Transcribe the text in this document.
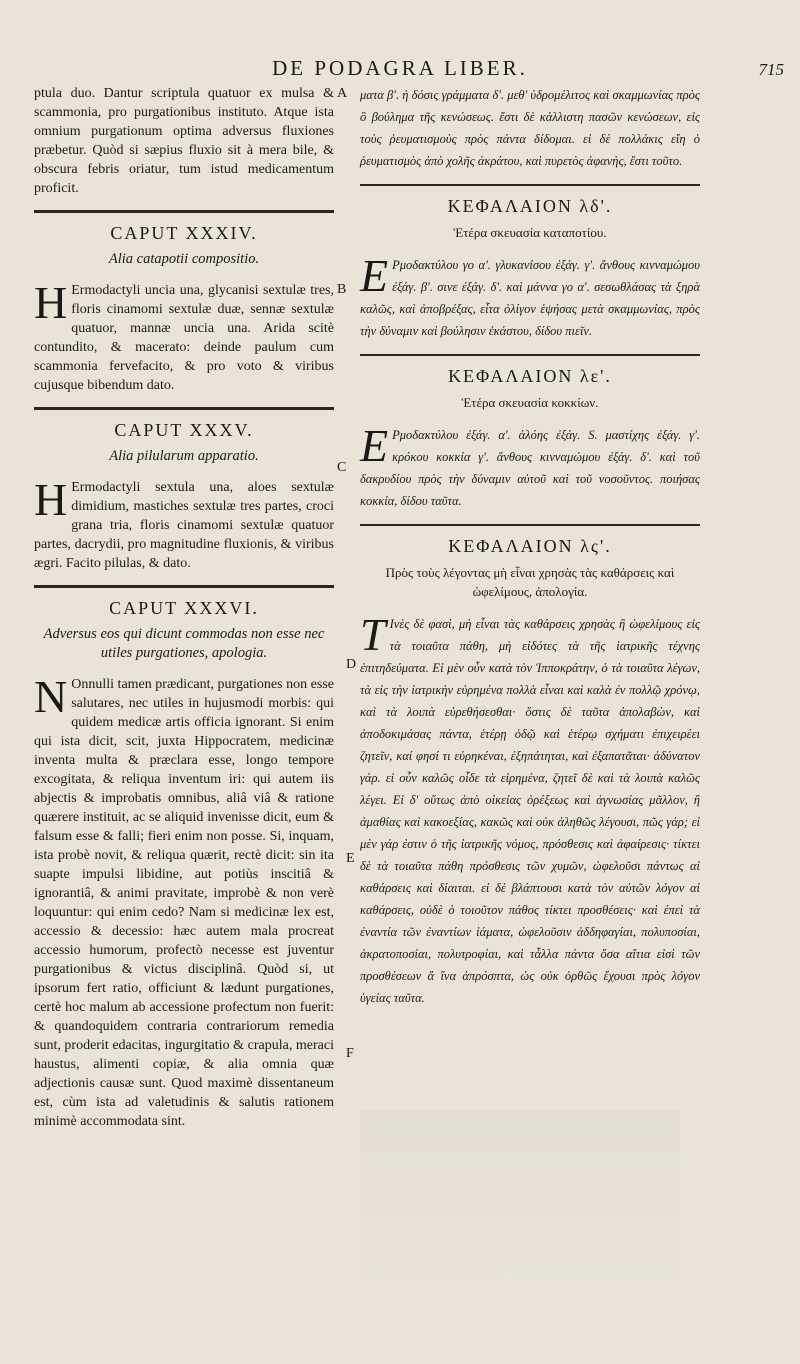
DE PODAGRA LIBER.	715

ptula duo. Dantur scriptula quatuor ex mulsa & scammonia, pro purgationibus instituto. Atque ista omnium purgationum optima adversus fluxiones præbetur. Quòd si sæpius fluxio sit à mera bile, & obscura febris oriatur, tum istud medicamentum proficit.

CAPUT XXXIV.
Alia catapotii compositio.

H Ermodactyli uncia una, glycanisi sextulæ tres, floris cinamomi sextulæ duæ, sennæ sextulæ quatuor, mannæ uncia una. Arida scitè contundito, & macerato: deinde paulum cum scammonia fervefacito, & pro voto & viribus cujusque bibendum dato.

CAPUT XXXV.
Alia pilularum apparatio.

H Ermodactyli sextula una, aloes sextulæ dimidium, mastiches sextulæ tres partes, croci grana tria, floris cinamomi sextulæ quatuor partes, dacrydii, pro magnitudine fluxionis, & viribus ægri. Facito pilulas, & dato.

CAPUT XXXVI.
Adversus eos qui dicunt commodas non esse nec utiles purgationes, apologia.

N Onnulli tamen prædicant, purgationes non esse salutares, nec utiles in hujusmodi morbis: qui quidem medicæ artis officia ignorant. Si enim qui ista dicit, scit, juxta Hippocratem, medicinæ inventa multa & præclara esse, longo tempore excogitata, & reliqua inventum iri: qui autem iis abjectis & improbatis omnibus, aliâ viâ & ratione quærere instituit, ac se aliquid invenisse dicit, eum & falsum esse & falli; fieri enim non posse. Si, inquam, ista probè novit, & reliqua quærit, rectè dicit: sin ita suapte impulsi libidine, aut potiùs inscitiâ & ignorantiâ, & animi pravitate, improbè & non verè loquuntur: qui enim cedo? Nam si medicinæ lex est, accessio & decessio: hæc autem mala procreat accessio humorum, profectò necesse est juventur purgationibus & victus disciplinâ. Quòd si, ut ipsorum fert ratio, officiunt & lædunt purgationes, certè hoc malum ab accessione profectum non fuerit: & quandoquidem contraria contrariorum remedia sunt, proderit edacitas, ingurgitatio & crapula, meraci haustus, alimenti copiæ, & alia omnia quæ adjectionis causæ sunt. Quod maximè dissentaneum est, cùm ista ad valetudinis & salutis rationem minimè accommodata sint.

A
B
C
D
E
F

ματα β'. ἡ δόσις γράμματα δ'. μεθ' ὑδρομέλιτος καὶ σκαμμωνίας πρὸς ὃ βούλημα τῆς κενώσεως. ἔστι δὲ κάλλιστη πασῶν κενώσεων, εἰς τοὺς ῥευματισμοὺς πρὸς πάντα δίδομαι. εἰ δὲ πολλάκις εἴη ὁ ῥευματισμὸς ἀπὸ χολῆς ἀκράτου, καὶ πυρετὸς ἀφανὴς, ἔστι τοῦτο.

ΚΕΦΑΛΑΙΟΝ λδ'.
Ἑτέρα σκευασία καταποτίου.

Ε Ρμοδακτύλου γο α'. γλυκανίσου ἐξάγ. γ'. ἄνθους κινναμώμου ἐξάγ. β'. σινε ἐξάγ. δ'. καὶ μάννα γο α'. σεσωθλάσας τὰ ξηρὰ καλῶς, καὶ ἀποβρέξας, εἶτα ὀλίγον ἑψήσας μετὰ σκαμμωνίας, πρὸς τὴν δύναμιν καὶ βούλησιν ἑκάστου, δίδου πιεῖν.

ΚΕΦΑΛΑΙΟΝ λε'.
Ἑτέρα σκευασία κοκκίων.

Ε Ρμοδακτύλου ἐξάγ. α'. ἀλόης ἐξάγ. S. μαστίχης ἐξάγ. γ'. κρόκου κοκκία γ'. ἄνθους κινναμώμου ἐξάγ. δ'. καὶ τοῦ δακρυδίου πρὸς τὴν δύναμιν αὐτοῦ καὶ τοῦ νοσοῦντος. ποιήσας κοκκία, δίδου ταῦτα.

ΚΕΦΑΛΑΙΟΝ λς'.
Πρὸς τοὺς λέγοντας μὴ εἶναι χρησὰς τὰς καθάρσεις καὶ ὠφελίμους, ἀπολογία.

Τ Ινὲς δὲ φασὶ, μὴ εἶναι τὰς καθάρσεις χρησὰς ἢ ὠφελίμους εἰς τὰ τοιαῦτα πάθη, μὴ εἰδότες τὰ τῆς ἰατρικῆς τέχνης ἐπιτηδεύματα. Εἰ μὲν οὖν κατὰ τὸν Ἱπποκράτην, ὁ τὰ τοιαῦτα λέγων, τὰ εἰς τὴν ἰατρικὴν εὑρημένα πολλὰ εἶναι καὶ καλὰ ἐν πολλῷ χρόνῳ, καὶ τὰ λοιπὰ εὑρεθήσεσθαι· ὅστις δὲ ταῦτα ἀπολαβὼν, καὶ ἀποδοκιμάσας πάντα, ἑτέρῃ ὁδῷ καὶ ἑτέρῳ σχήματι ἐπιχειρέει ζητεῖν, καί φησί τι εὑρηκέναι, ἐξηπάτηται, καὶ ἐξαπατᾶται· ἀδύνατον γάρ. εἰ οὖν καλῶς οἶδε τὰ εἰρημένα, ζητεῖ δὲ καὶ τὰ λοιπὰ καλῶς λέγει. Εἰ δ' οὕτως ἀπὸ οἰκείας ὀρέξεως καὶ ἀγνωσίας μᾶλλον, ἢ ἀμαθίας καὶ κακοεξίας, κακῶς καὶ οὐκ ἀληθῶς λέγουσι, πῶς γάρ; εἰ μὲν γάρ ἐστιν ὁ τῆς ἰατρικῆς νόμος, πρόσθεσις καὶ ἀφαίρεσις· τίκτει δὲ τὰ τοιαῦτα πάθη πρόσθεσις τῶν χυμῶν, ὠφελοῦσι πάντως αἱ καθάρσεις καὶ δίαιται. εἰ δὲ βλάπτουσι κατὰ τὸν αὐτῶν λόγον αἱ καθάρσεις, οὐδὲ ὁ τοιοῦτον πάθος τίκτει προσθέσεις· καὶ ἐπεὶ τὰ ἐναντία τῶν ἐναντίων ἰάματα, ὠφελοῦσιν ἀδδηφαγίαι, πολυποσίαι, ἀκρατοποσίαι, πολυτροφίαι, καὶ τἆλλα πάντα ὅσα αἴτια εἰσὶ τῶν προσθέσεων ἅ ἵνα ἀπρόσπτα, ὡς οὐκ ὀρθῶς ἔχουσι πρὸς λόγον ὑγείας ταῦτα.
